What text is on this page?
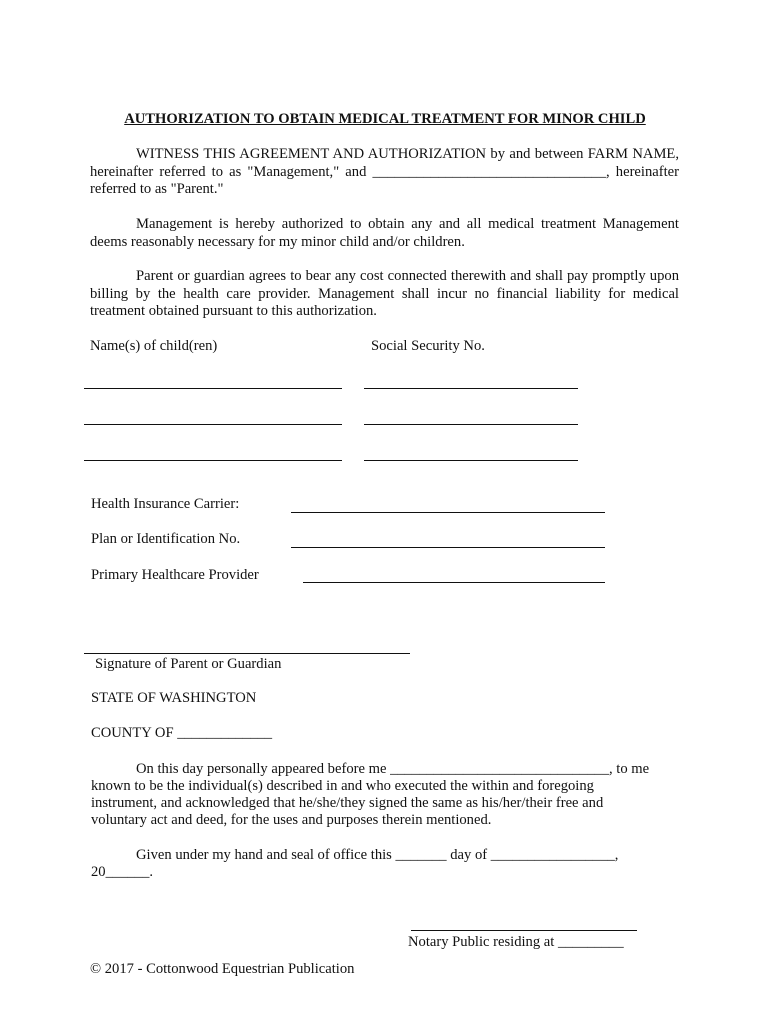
AUTHORIZATION TO OBTAIN MEDICAL TREATMENT FOR MINOR CHILD
WITNESS THIS AGREEMENT AND AUTHORIZATION by and between FARM NAME, hereinafter referred to as "Management," and ________________________________, hereinafter referred to as "Parent."
Management is hereby authorized to obtain any and all medical treatment Management deems reasonably necessary for my minor child and/or children.
Parent or guardian agrees to bear any cost connected therewith and shall pay promptly upon billing by the health care provider. Management shall incur no financial liability for medical treatment obtained pursuant to this authorization.
Name(s) of child(ren)	Social Security No.
Health Insurance Carrier:
Plan or Identification No.
Primary Healthcare Provider
Signature of Parent or Guardian
STATE OF WASHINGTON
COUNTY OF _____________
On this day personally appeared before me ______________________________, to me
known to be the individual(s) described in and who executed the within and foregoing
instrument, and acknowledged that he/she/they signed the same as his/her/their free and
voluntary act and deed, for the uses and purposes therein mentioned.
Given under my hand and seal of office this _______ day of _________________,
20______.
Notary Public residing at _________
© 2017 - Cottonwood Equestrian Publication
